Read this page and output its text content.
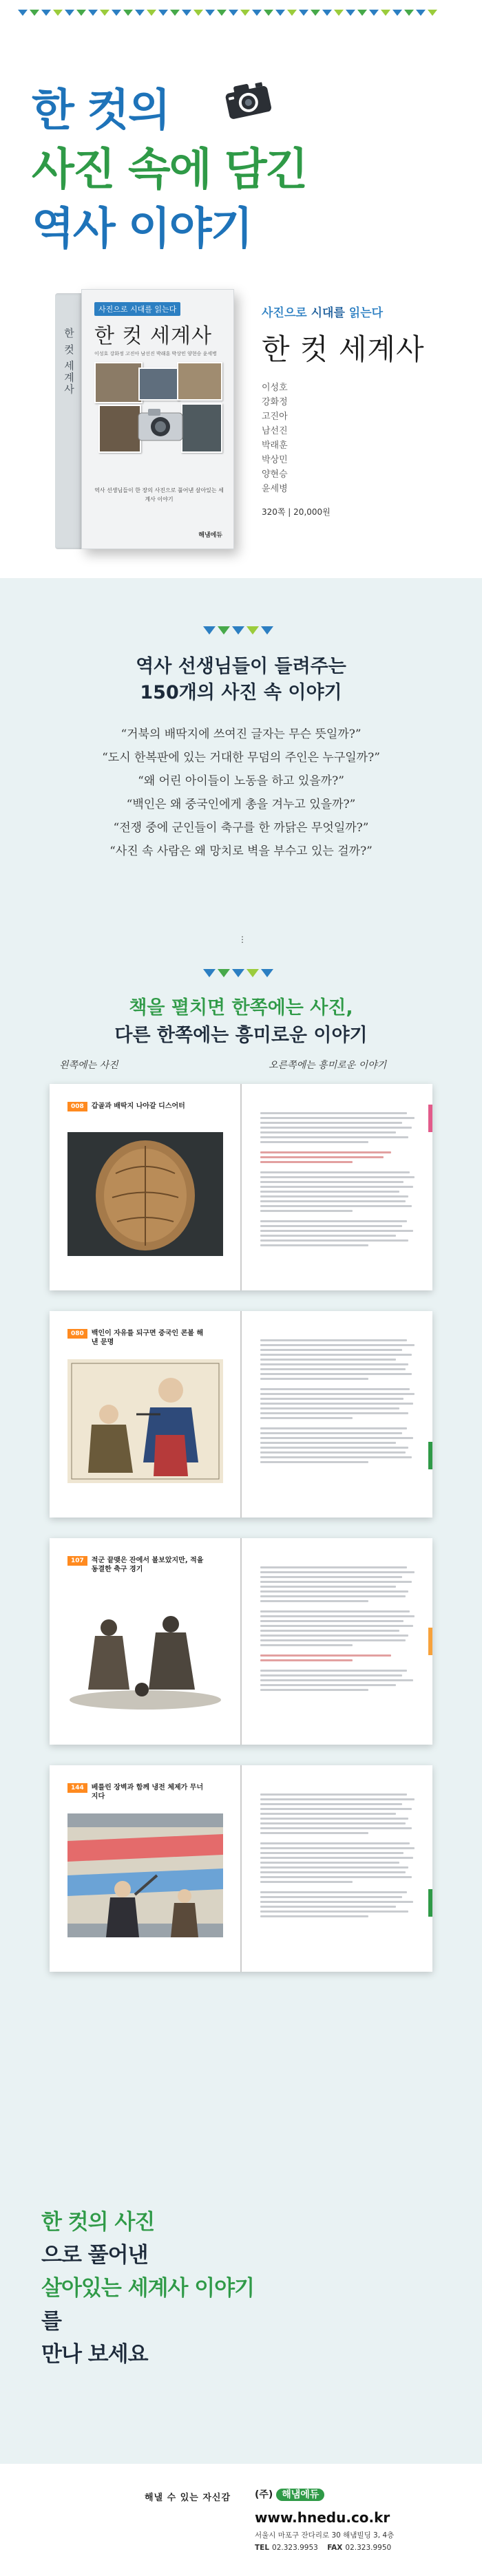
한 컷의
사진 속에 담긴
역사 이야기
한 컷 세계사
사진으로 시대를 읽는다
한 컷 세계사
이성호 강화정 고진아 남선진 박래훈 박상민 양현승 윤세병
역사 선생님들이 한 장의 사진으로 풀어낸 살아있는 세계사 이야기
해냄에듀
사진으로 시대를 읽는다
한 컷 세계사
이성호
강화정
고진아
남선진
박래훈
박상민
양현승
윤세병
320쪽 | 20,000원
역사 선생님들이 들려주는
150개의 사진 속 이야기
“거북의 배딱지에 쓰여진 글자는 무슨 뜻일까?”
“도시 한복판에 있는 거대한 무덤의 주인은 누구일까?”
“왜 어린 아이들이 노동을 하고 있을까?”
“백인은 왜 중국인에게 총을 겨누고 있을까?”
“전쟁 중에 군인들이 축구를 한 까닭은 무엇일까?”
“사진 속 사람은 왜 망치로 벽을 부수고 있는 걸까?”
⋮
책을 펼치면 한쪽에는 사진,
다른 한쪽에는 흥미로운 이야기
왼쪽에는 사진	오른쪽에는 흥미로운 이야기
008 갑골과 배딱지 나아갈 디스어터

080 백인이 자유를 되구면 중국인 콘볼 해낸 문명

107 적군 끝맺은 잔에서 볼보았지만, 적을 동결한 축구 경기

144 베를린 장벽과 함께 냉전 체제가 무너지다

한 컷의 사진
으로 풀어낸
살아있는 세계사 이야기
를
만나 보세요
해낼 수 있는 자신감 (주) 해냄에듀
www.hnedu.co.kr
서울시 마포구 잔다리로 30 해냄빌딩 3, 4층
TEL 02.323.9953 FAX 02.323.9950
